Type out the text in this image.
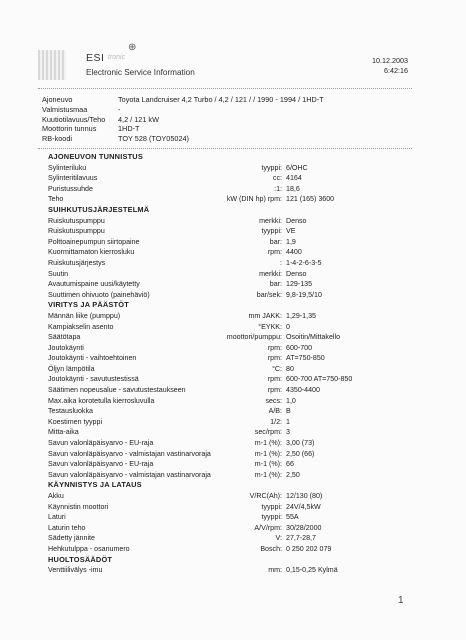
⊕
ESI tronic
Electronic Service Information
10.12.2003
6:42:16
Ajoneuvo	Toyota Landcruiser 4,2 Turbo / 4,2 / 121 / / 1990 - 1994 / 1HD-T
Valmistusmaa	-
Kuutiotilavuus/Teho	4,2 / 121 kW
Moottorin tunnus	1HD-T
RB-koodi	TOY 528 (TOY05024)
AJONEUVON TUNNISTUS
Sylinteriluku	tyyppi: 6/OHC
Sylinteritilavuus	cc: 4164
Puristussuhde	:1: 18,6
Teho	kW (DIN hp) rpm: 121 (165) 3600
SUIHKUTUSJÄRJESTELMÄ
Ruiskutuspumppu	merkki: Denso
Ruiskutuspumppu	tyyppi: VE
Polttoainepumpun siirtopaine	bar: 1,9
Kuormittamaton kierrosluku	rpm: 4400
Ruiskutusjärjestys	: 1-4-2-6-3-5
Suutin	merkki: Denso
Avautumispaine uusi/käytetty	bar: 129-135
Suuttimen ohivuoto (painehäviö)	bar/sek: 9,8-19,5/10
VIRITYS JA PÄÄSTÖT
Männän liike (pumppu)	mm JAKK: 1,29-1,35
Kampiakselin asento	°EYKK: 0
Säätötapa	moottori/pumppu: Osoitin/Mittakello
Joutokäynti	rpm: 600-700
Joutokäynti - vaihtoehtoinen	rpm: AT=750-850
Öljyn lämpötila	°C: 80
Joutokäynti - savutustestissä	rpm: 600-700 AT=750-850
Säätimen nopeusalue - savutustestaukseen	rpm: 4350-4400
Max.aika korotetulla kierrosluvulla	secs: 1,0
Testausluokka	A/B: B
Koestimen tyyppi	1/2: 1
Mitta-aika	sec/rpm: 3
Savun valonläpäisyarvo - EU-raja	m-1 (%): 3,00 (73)
Savun valonläpäisyarvo - valmistajan vastinarvoraja	m-1 (%): 2,50 (66)
Savun valonläpäisyarvo - EU-raja	m-1 (%): 66
Savun valonläpäisyarvo - valmistajan vastinarvoraja	m-1 (%): 2,50
KÄYNNISTYS JA LATAUS
Akku	V/RC(Ah): 12/130 (80)
Käynnistin moottori	tyyppi: 24V/4,5kW
Laturi	tyyppi: 55A
Laturin teho	A/V/rpm: 30/28/2000
Sädetty jännite	V: 27,7-28,7
Hehkutulppa - osanumero	Bosch: 0 250 202 079
HUOLTOSÄÄDÖT
Venttiilivälys -imu	mm: 0,15-0,25 Kylmä
1
